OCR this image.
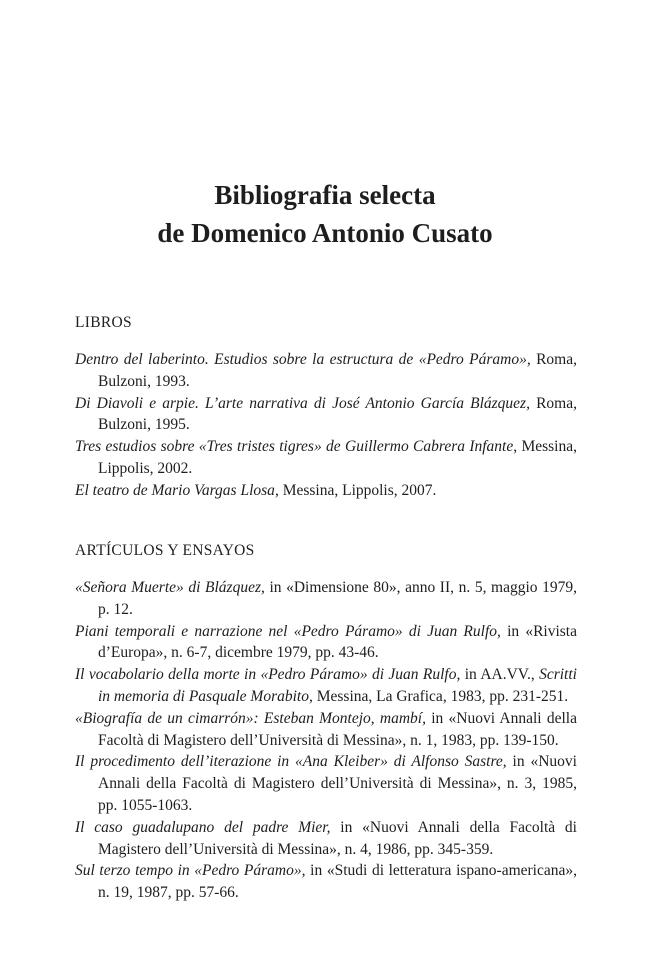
Bibliografia selecta
de Domenico Antonio Cusato
LIBROS

Dentro del laberinto. Estudios sobre la estructura de «Pedro Páramo», Roma, Bulzoni, 1993.

Di Diavoli e arpie. L’arte narrativa di José Antonio García Blázquez, Roma, Bulzoni, 1995.

Tres estudios sobre «Tres tristes tigres» de Guillermo Cabrera Infante, Messina, Lippolis, 2002.

El teatro de Mario Vargas Llosa, Messina, Lippolis, 2007.

ARTÍCULOS Y ENSAYOS

«Señora Muerte» di Blázquez, in «Dimensione 80», anno II, n. 5, maggio 1979, p. 12.

Piani temporali e narrazione nel «Pedro Páramo» di Juan Rulfo, in «Rivista d’Europa», n. 6-7, dicembre 1979, pp. 43-46.

Il vocabolario della morte in «Pedro Páramo» di Juan Rulfo, in AA.VV., Scritti in memoria di Pasquale Morabito, Messina, La Grafica, 1983, pp. 231-251.

«Biografía de un cimarrón»: Esteban Montejo, mambí, in «Nuovi Annali della Facoltà di Magistero dell’Università di Messina», n. 1, 1983, pp. 139-150.

Il procedimento dell’iterazione in «Ana Kleiber» di Alfonso Sastre, in «Nuovi Annali della Facoltà di Magistero dell’Università di Messina», n. 3, 1985, pp. 1055-1063.

Il caso guadalupano del padre Mier, in «Nuovi Annali della Facoltà di Magistero dell’Università di Messina», n. 4, 1986, pp. 345-359.

Sul terzo tempo in «Pedro Páramo», in «Studi di letteratura ispano-americana», n. 19, 1987, pp. 57-66.
